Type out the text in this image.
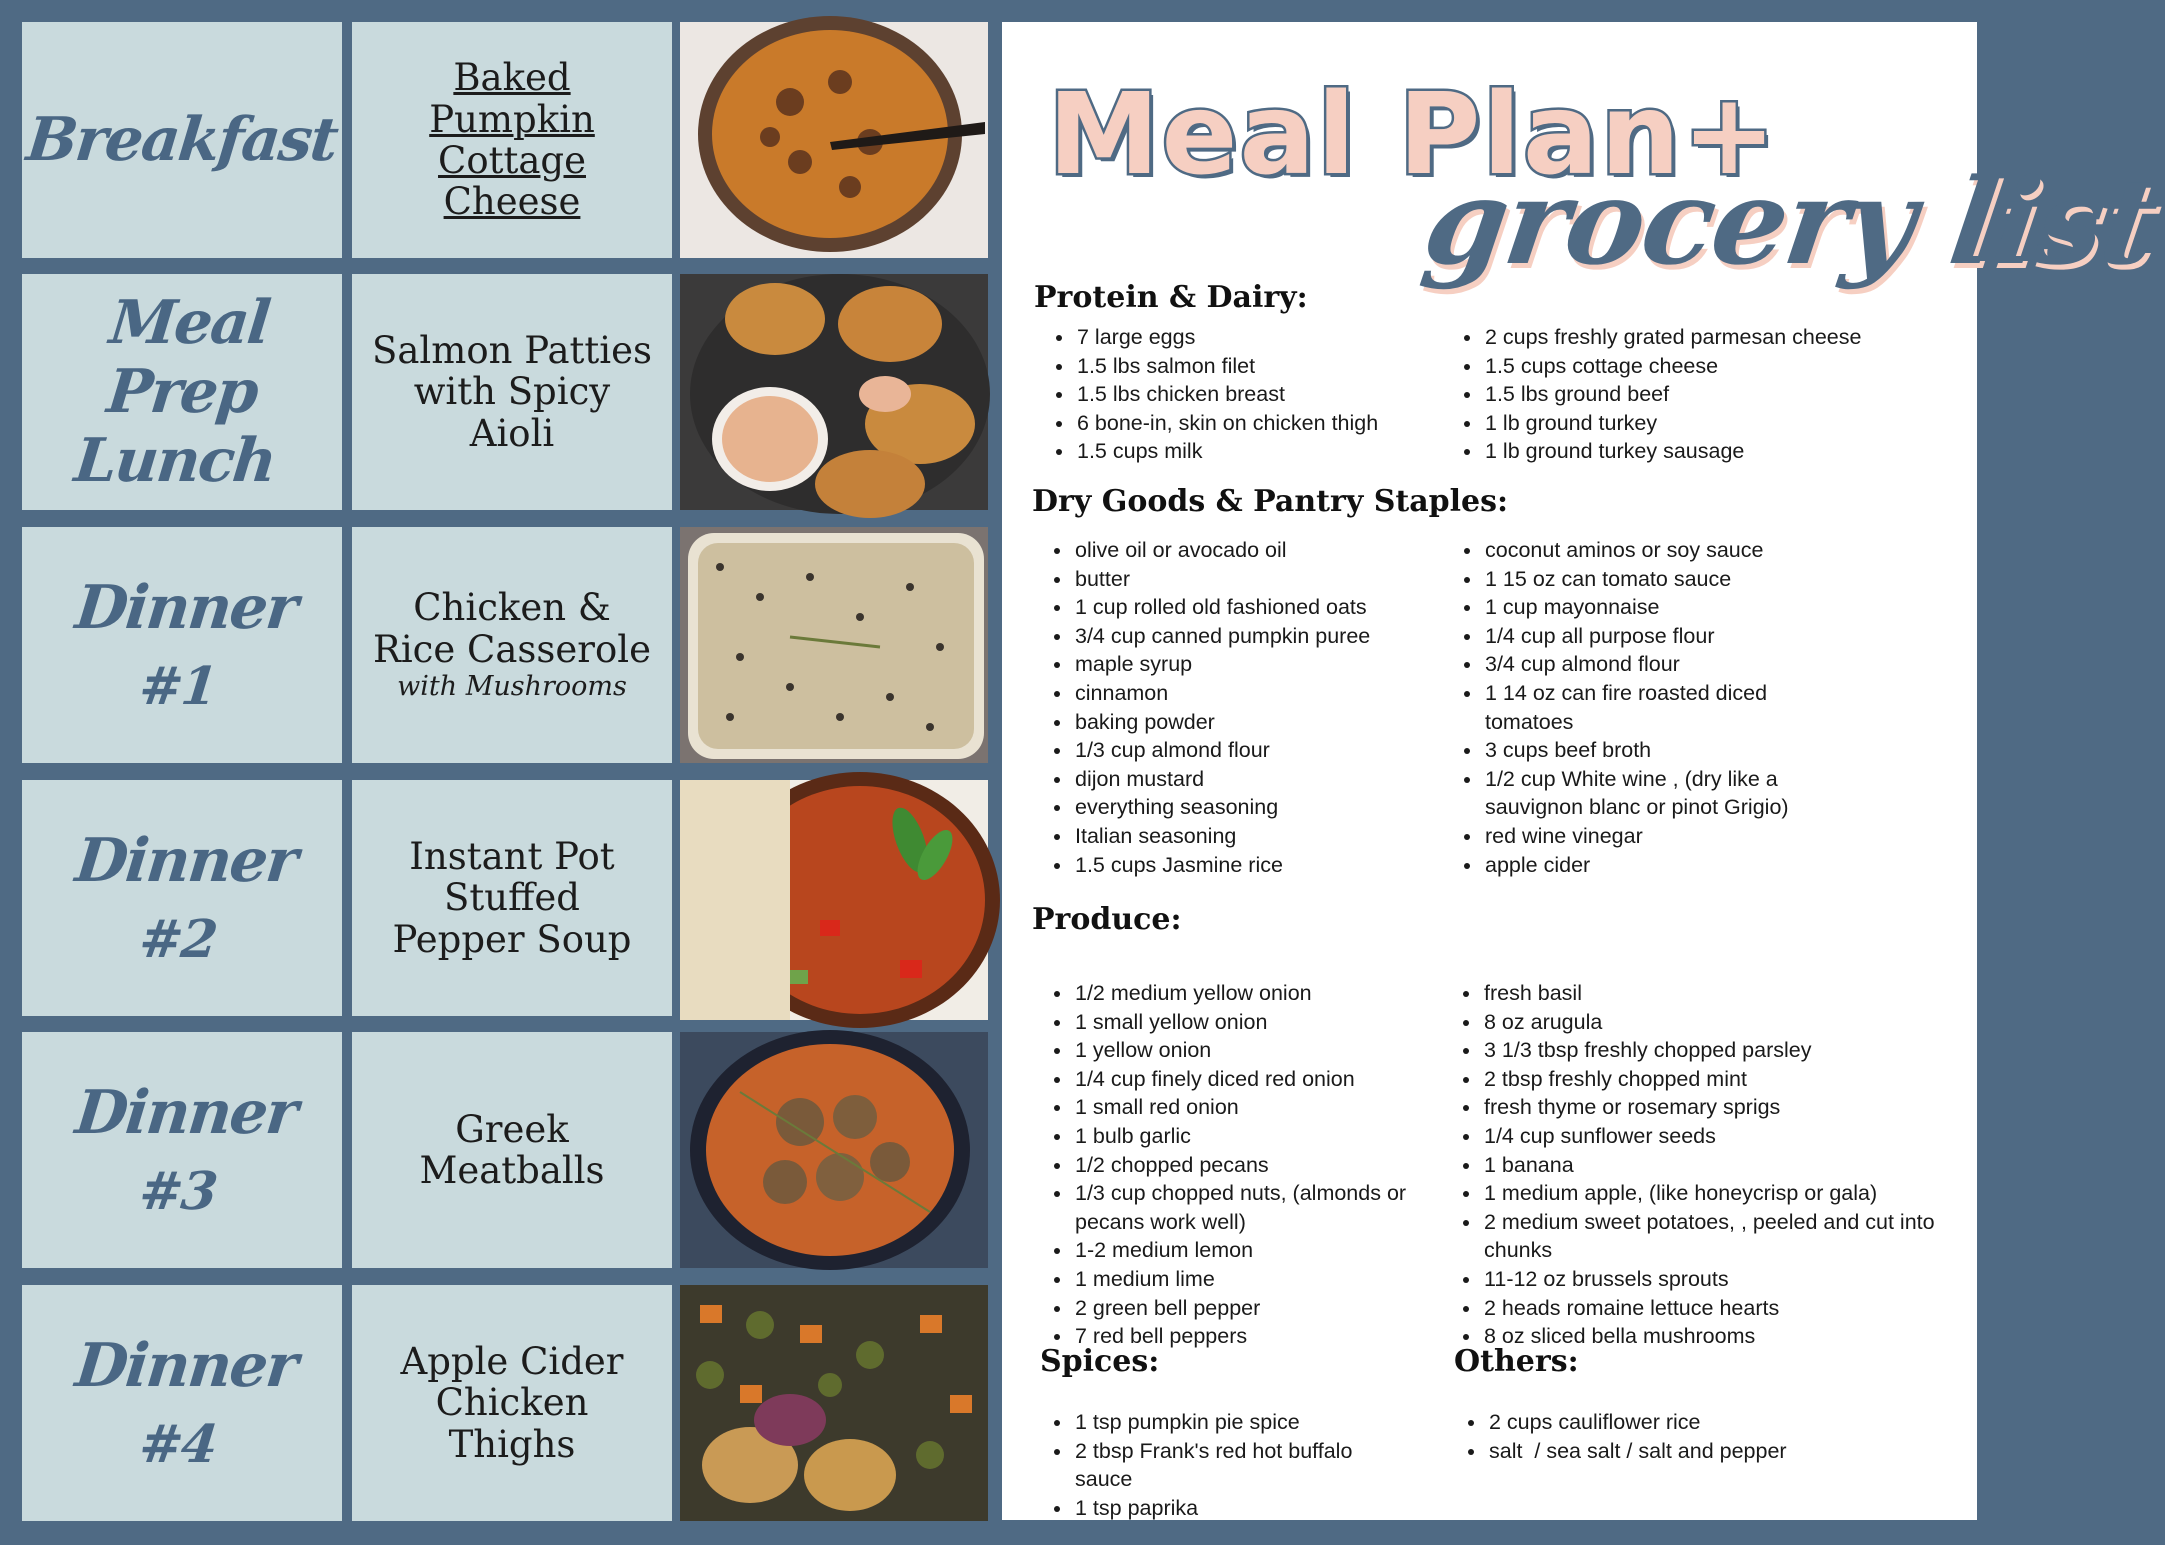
Breakfast
Baked
Pumpkin
Cottage
Cheese
Meal Prep
Lunch
Salmon Patties
with Spicy
Aioli
Dinner
#1
Chicken &
Rice Casserole
with Mushrooms
Dinner
#2
Instant Pot
Stuffed
Pepper Soup
Dinner
#3
Greek
Meatballs
Dinner
#4
Apple Cider
Chicken
Thighs
Meal Plan+
grocery list
Protein & Dairy:
• 7 large eggs
• 1.5 lbs salmon filet
• 1.5 lbs chicken breast
• 6 bone-in, skin on chicken thigh
• 1.5 cups milk
• 2 cups freshly grated parmesan cheese
• 1.5 cups cottage cheese
• 1.5 lbs ground beef
• 1 lb ground turkey
• 1 lb ground turkey sausage
Dry Goods & Pantry Staples:
• olive oil or avocado oil
• butter
• 1 cup rolled old fashioned oats
• 3/4 cup canned pumpkin puree
• maple syrup
• cinnamon
• baking powder
• 1/3 cup almond flour
• dijon mustard
• everything seasoning
• Italian seasoning
• 1.5 cups Jasmine rice
• coconut aminos or soy sauce
• 1 15 oz can tomato sauce
• 1 cup mayonnaise
• 1/4 cup all purpose flour
• 3/4 cup almond flour
• 1 14 oz can fire roasted diced tomatoes
• 3 cups beef broth
• 1/2 cup White wine , (dry like a sauvignon blanc or pinot Grigio)
• red wine vinegar
• apple cider
Produce:
• 1/2 medium yellow onion
• 1 small yellow onion
• 1 yellow onion
• 1/4 cup finely diced red onion
• 1 small red onion
• 1 bulb garlic
• 1/2 chopped pecans
• 1/3 cup chopped nuts, (almonds or pecans work well)
• 1-2 medium lemon
• 1 medium lime
• 2 green bell pepper
• 7 red bell peppers
• fresh basil
• 8 oz arugula
• 3 1/3 tbsp freshly chopped parsley
• 2 tbsp freshly chopped mint
• fresh thyme or rosemary sprigs
• 1/4 cup sunflower seeds
• 1 banana
• 1 medium apple, (like honeycrisp or gala)
• 2 medium sweet potatoes, , peeled and cut into chunks
• 11-12 oz brussels sprouts
• 2 heads romaine lettuce hearts
• 8 oz sliced bella mushrooms
Spices:
• 1 tsp pumpkin pie spice
• 2 tbsp Frank's red hot buffalo sauce
• 1 tsp paprika
Others:
• 2 cups cauliflower rice
• salt  / sea salt / salt and pepper
